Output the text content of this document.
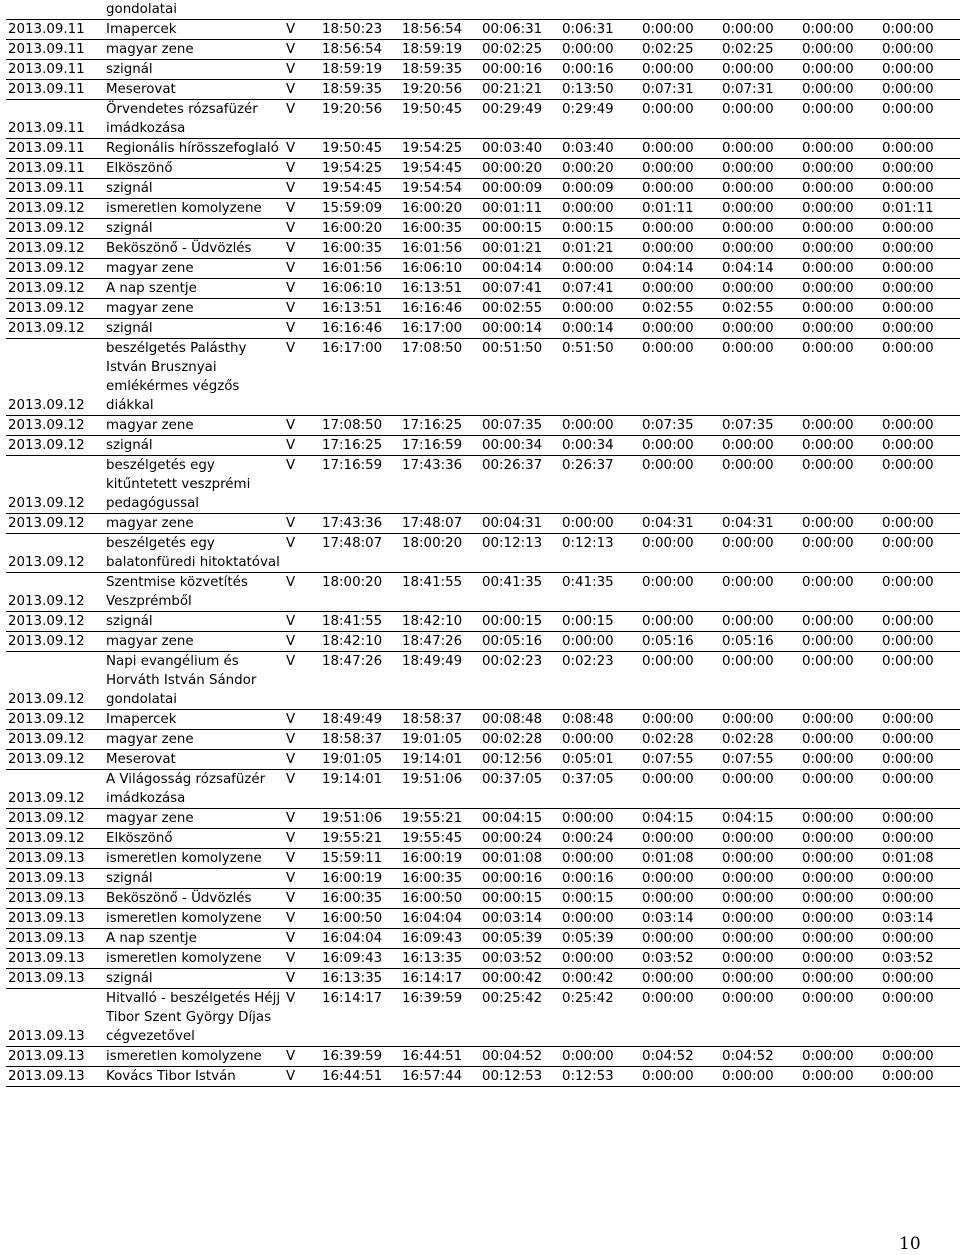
	gondolatai									
2013.09.11	Imapercek	V	18:50:23	18:56:54	00:06:31	0:06:31	0:00:00	0:00:00	0:00:00	0:00:00
2013.09.11	magyar zene	V	18:56:54	18:59:19	00:02:25	0:00:00	0:02:25	0:02:25	0:00:00	0:00:00
2013.09.11	szignál	V	18:59:19	18:59:35	00:00:16	0:00:16	0:00:00	0:00:00	0:00:00	0:00:00
2013.09.11	Meserovat	V	18:59:35	19:20:56	00:21:21	0:13:50	0:07:31	0:07:31	0:00:00	0:00:00
2013.09.11	Örvendetes rózsafüzér imádkozása	V	19:20:56	19:50:45	00:29:49	0:29:49	0:00:00	0:00:00	0:00:00	0:00:00
2013.09.11	Regionális hírösszefoglaló	V	19:50:45	19:54:25	00:03:40	0:03:40	0:00:00	0:00:00	0:00:00	0:00:00
2013.09.11	Elköszönő	V	19:54:25	19:54:45	00:00:20	0:00:20	0:00:00	0:00:00	0:00:00	0:00:00
2013.09.11	szignál	V	19:54:45	19:54:54	00:00:09	0:00:09	0:00:00	0:00:00	0:00:00	0:00:00
2013.09.12	ismeretlen komolyzene	V	15:59:09	16:00:20	00:01:11	0:00:00	0:01:11	0:00:00	0:00:00	0:01:11
2013.09.12	szignál	V	16:00:20	16:00:35	00:00:15	0:00:15	0:00:00	0:00:00	0:00:00	0:00:00
2013.09.12	Beköszönő - Üdvözlés	V	16:00:35	16:01:56	00:01:21	0:01:21	0:00:00	0:00:00	0:00:00	0:00:00
2013.09.12	magyar zene	V	16:01:56	16:06:10	00:04:14	0:00:00	0:04:14	0:04:14	0:00:00	0:00:00
2013.09.12	A nap szentje	V	16:06:10	16:13:51	00:07:41	0:07:41	0:00:00	0:00:00	0:00:00	0:00:00
2013.09.12	magyar zene	V	16:13:51	16:16:46	00:02:55	0:00:00	0:02:55	0:02:55	0:00:00	0:00:00
2013.09.12	szignál	V	16:16:46	16:17:00	00:00:14	0:00:14	0:00:00	0:00:00	0:00:00	0:00:00
2013.09.12	beszélgetés Palásthy István Brusznyai emlékérmes végzős diákkal	V	16:17:00	17:08:50	00:51:50	0:51:50	0:00:00	0:00:00	0:00:00	0:00:00
2013.09.12	magyar zene	V	17:08:50	17:16:25	00:07:35	0:00:00	0:07:35	0:07:35	0:00:00	0:00:00
2013.09.12	szignál	V	17:16:25	17:16:59	00:00:34	0:00:34	0:00:00	0:00:00	0:00:00	0:00:00
2013.09.12	beszélgetés egy kitűntetett veszprémi pedagógussal	V	17:16:59	17:43:36	00:26:37	0:26:37	0:00:00	0:00:00	0:00:00	0:00:00
2013.09.12	magyar zene	V	17:43:36	17:48:07	00:04:31	0:00:00	0:04:31	0:04:31	0:00:00	0:00:00
2013.09.12	beszélgetés egy balatonfüredi hitoktatóval	V	17:48:07	18:00:20	00:12:13	0:12:13	0:00:00	0:00:00	0:00:00	0:00:00
2013.09.12	Szentmise közvetítés Veszprémből	V	18:00:20	18:41:55	00:41:35	0:41:35	0:00:00	0:00:00	0:00:00	0:00:00
2013.09.12	szignál	V	18:41:55	18:42:10	00:00:15	0:00:15	0:00:00	0:00:00	0:00:00	0:00:00
2013.09.12	magyar zene	V	18:42:10	18:47:26	00:05:16	0:00:00	0:05:16	0:05:16	0:00:00	0:00:00
2013.09.12	Napi evangélium és Horváth István Sándor gondolatai	V	18:47:26	18:49:49	00:02:23	0:02:23	0:00:00	0:00:00	0:00:00	0:00:00
2013.09.12	Imapercek	V	18:49:49	18:58:37	00:08:48	0:08:48	0:00:00	0:00:00	0:00:00	0:00:00
2013.09.12	magyar zene	V	18:58:37	19:01:05	00:02:28	0:00:00	0:02:28	0:02:28	0:00:00	0:00:00
2013.09.12	Meserovat	V	19:01:05	19:14:01	00:12:56	0:05:01	0:07:55	0:07:55	0:00:00	0:00:00
2013.09.12	A Világosság rózsafüzér imádkozása	V	19:14:01	19:51:06	00:37:05	0:37:05	0:00:00	0:00:00	0:00:00	0:00:00
2013.09.12	magyar zene	V	19:51:06	19:55:21	00:04:15	0:00:00	0:04:15	0:04:15	0:00:00	0:00:00
2013.09.12	Elköszönő	V	19:55:21	19:55:45	00:00:24	0:00:24	0:00:00	0:00:00	0:00:00	0:00:00
2013.09.13	ismeretlen komolyzene	V	15:59:11	16:00:19	00:01:08	0:00:00	0:01:08	0:00:00	0:00:00	0:01:08
2013.09.13	szignál	V	16:00:19	16:00:35	00:00:16	0:00:16	0:00:00	0:00:00	0:00:00	0:00:00
2013.09.13	Beköszönő - Üdvözlés	V	16:00:35	16:00:50	00:00:15	0:00:15	0:00:00	0:00:00	0:00:00	0:00:00
2013.09.13	ismeretlen komolyzene	V	16:00:50	16:04:04	00:03:14	0:00:00	0:03:14	0:00:00	0:00:00	0:03:14
2013.09.13	A nap szentje	V	16:04:04	16:09:43	00:05:39	0:05:39	0:00:00	0:00:00	0:00:00	0:00:00
2013.09.13	ismeretlen komolyzene	V	16:09:43	16:13:35	00:03:52	0:00:00	0:03:52	0:00:00	0:00:00	0:03:52
2013.09.13	szignál	V	16:13:35	16:14:17	00:00:42	0:00:42	0:00:00	0:00:00	0:00:00	0:00:00
2013.09.13	Hitvalló - beszélgetés Héjj Tibor Szent György Díjas cégvezetővel	V	16:14:17	16:39:59	00:25:42	0:25:42	0:00:00	0:00:00	0:00:00	0:00:00
2013.09.13	ismeretlen komolyzene	V	16:39:59	16:44:51	00:04:52	0:00:00	0:04:52	0:04:52	0:00:00	0:00:00
2013.09.13	Kovács Tibor István	V	16:44:51	16:57:44	00:12:53	0:12:53	0:00:00	0:00:00	0:00:00	0:00:00
10
